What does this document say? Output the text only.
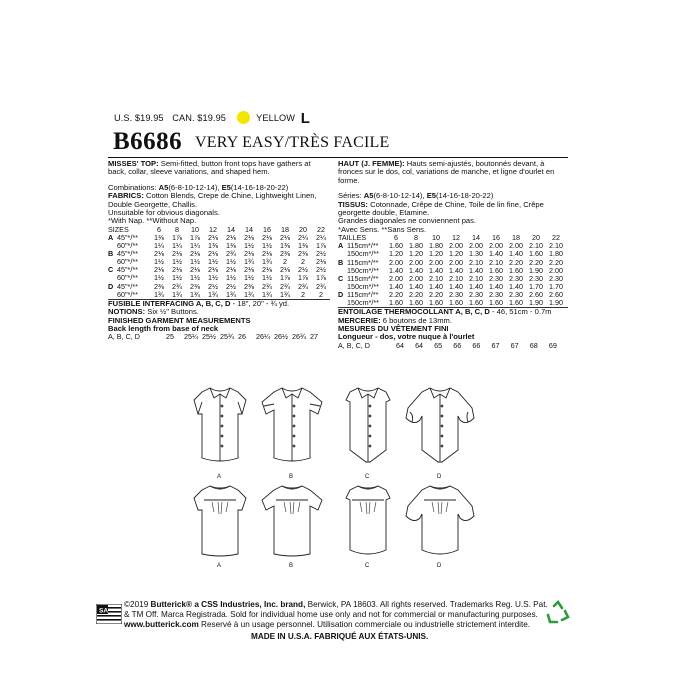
U.S. $19.95 CAN. $19.95	YELLOW L
B6686 VERY EASY/TRÈS FACILE

MISSES' TOP: Semi-fitted, button front tops have gathers at back, collar, sleeve variations, and shaped hem.

Combinations: A5(6-8-10-12-14), E5(14-16-18-20-22)

FABRICS: Cotton Blends, Crepe de Chine, Lightweight Linen, Double Georgette, Challis.

Unsuitable for obvious diagonals.

*With Nap. **Without Nap.

SIZES		6	8	10	12	14	14	16	18	20	22
A	45"*/**	1⅜	1⅞	1⅞	2⅛	2⅛	2⅛	2⅛	2⅛	2¼	2¼
	60"*/**	1¼	1¼	1¼	1⅜	1⅜	1½	1½	1⅜	1⅜	1⅞
B	45"*/**	2⅛	2⅛	2⅛	2⅛	2¾	2⅛	2⅛	2⅜	2⅜	2½
	60"*/**	1½	1½	1½	1½	1½	1¾	1¾	2	2	2⅛
C	45"*/**	2⅛	2⅛	2⅛	2⅛	2⅛	2⅛	2⅛	2⅛	2½	2½
	60"*/**	1½	1½	1½	1½	1½	1½	1½	1⅞	1⅞	1⅞
D	45"*/**	2⅜	2¾	2⅜	2½	2½	2⅜	2¾	2¾	2¾	2¾
	60"*/**	1¾	1¾	1¾	1¾	1¾	1¾	1¾	1¾	2	2

FUSIBLE INTERFACING A, B, C, D - 18", 20" - ¾ yd.

NOTIONS: Six ½" Buttons.

FINISHED GARMENT MEASUREMENTS

Back length from base of neck

A, B, C, D	25	25¼	25½	25¾	26	26¼	26½	26¾	27

HAUT (J. FEMME): Hauts semi-ajustés, boutonnés devant, à fronces sur le dos, col, variations de manche, et ligne d'ourlet en forme.

Séries: A5(6-8-10-12-14), E5(14-16-18-20-22)

TISSUS: Cotonnade, Crêpe de Chine, Toile de lin fine, Crêpe georgette double, Etamine.

Grandes diagonales ne conviennent pas.

*Avec Sens. **Sans Sens.

TAILLES		6	8	10	12	14	16	18	20	22
A	115cm*/**	1.60	1.80	1.80	2.00	2.00	2.00	2.00	2.10	2.10
	150cm*/**	1.20	1.20	1.20	1.20	1.30	1.40	1.40	1.60	1.80
B	115cm*/**	2.00	2.00	2.00	2.00	2.10	2.10	2.20	2.20	2.20
	150cm*/**	1.40	1.40	1.40	1.40	1.40	1.60	1.60	1.90	2.00
C	115cm*/**	2.00	2.00	2.10	2.10	2.10	2.30	2.30	2.30	2.30
	150cm*/**	1.40	1.40	1.40	1.40	1.40	1.40	1.40	1.70	1.70
D	115cm*/**	2.20	2.20	2.20	2.30	2.30	2.30	2.30	2.60	2.60
	150cm*/**	1.60	1.60	1.60	1.60	1.60	1.60	1.60	1.90	1.90

ENTOILAGE THERMOCOLLANT A, B, C, D - 46, 51cm - 0.7m

MERCERIE: 6 boutons de 13mm.

MESURES DU VÊTEMENT FINI

Longueur - dos, votre nuque à l'ourlet

A, B, C, D	64	64	65	66	66	67	67	68	69
A	B	C	D
A	B	C	D
SA
©2019 Butterick® a CSS Industries, Inc. brand, Berwick, PA 18603. All rights reserved. Trademarks Reg. U.S. Pat.
& TM Off. Marca Registrada. Sold for individual home use only and not for commercial or manufacturing purposes.
www.butterick.com Reservé à un usage personnel. Utilisation commerciale ou industrielle strictement interdite.
MADE IN U.S.A. FABRIQUÉ AUX ÉTATS-UNIS.
